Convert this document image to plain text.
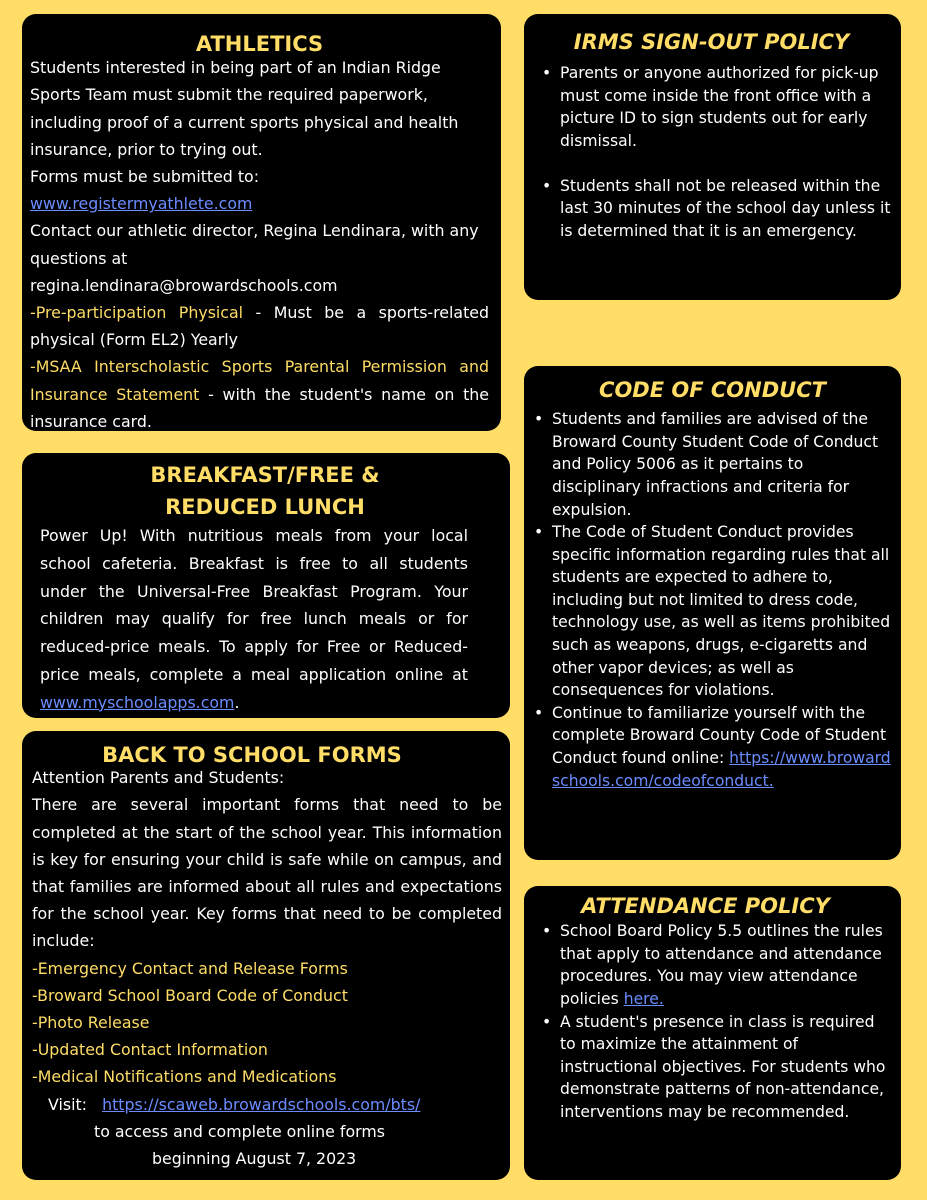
ATHLETICS
Students interested in being part of an Indian Ridge Sports Team must submit the required paperwork, including proof of a current sports physical and health insurance, prior to trying out.
Forms must be submitted to:
www.registermyathlete.com
Contact our athletic director, Regina Lendinara, with any questions at
regina.lendinara@browardschools.com
-Pre-participation Physical - Must be a sports-related physical (Form EL2) Yearly
-MSAA Interscholastic Sports Parental Permission and Insurance Statement - with the student's name on the insurance card.
BREAKFAST/FREE &
REDUCED LUNCH

Power Up! With nutritious meals from your local school cafeteria. Breakfast is free to all students under the Universal-Free Breakfast Program. Your children may qualify for free lunch meals or for reduced-price meals. To apply for Free or Reduced-price meals, complete a meal application online at www.myschoolapps.com.

BACK TO SCHOOL FORMS
Attention Parents and Students:
There are several important forms that need to be completed at the start of the school year. This information is key for ensuring your child is safe while on campus, and that families are informed about all rules and expectations for the school year. Key forms that need to be completed include:
-Emergency Contact and Release Forms
-Broward School Board Code of Conduct
-Photo Release
-Updated Contact Information
-Medical Notifications and Medications
Visit: https://scaweb.browardschools.com/bts/
to access and complete online forms
beginning August 7, 2023
IRMS SIGN-OUT POLICY
• Parents or anyone authorized for pick-up must come inside the front office with a picture ID to sign students out for early dismissal.
• Students shall not be released within the last 30 minutes of the school day unless it is determined that it is an emergency.
CODE OF CONDUCT
• Students and families are advised of the Broward County Student Code of Conduct and Policy 5006 as it pertains to disciplinary infractions and criteria for expulsion.
• The Code of Student Conduct provides specific information regarding rules that all students are expected to adhere to, including but not limited to dress code, technology use, as well as items prohibited such as weapons, drugs, e-cigaretts and other vapor devices; as well as consequences for violations.
• Continue to familiarize yourself with the complete Broward County Code of Student Conduct found online: https://www.browardschools.com/codeofconduct.
ATTENDANCE POLICY
• School Board Policy 5.5 outlines the rules that apply to attendance and attendance procedures. You may view attendance policies here.
• A student's presence in class is required to maximize the attainment of instructional objectives. For students who demonstrate patterns of non-attendance, interventions may be recommended.
